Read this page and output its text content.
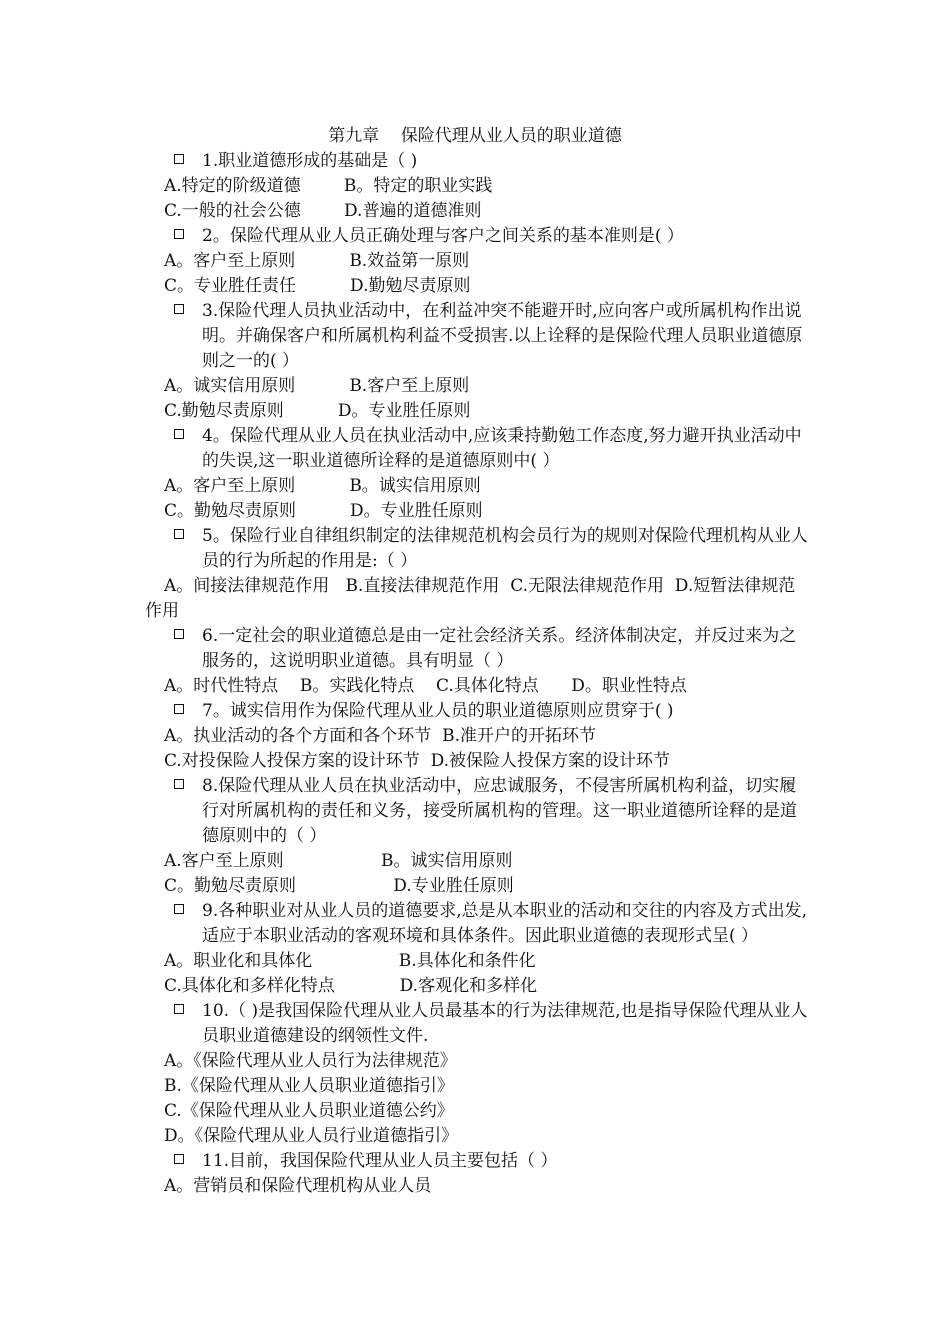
第九章    保险代理从业人员的职业道德
1.职业道德形成的基础是（ )
A.特定的阶级道德        B。特定的职业实践
C.一般的社会公德        D.普遍的道德准则
2。保险代理从业人员正确处理与客户之间关系的基本准则是( ）
A。客户至上原则          B.效益第一原则
C。专业胜任责任          D.勤勉尽责原则
3.保险代理人员执业活动中，在利益冲突不能避开时,应向客户或所属机构作出说明。并确保客户和所属机构利益不受损害.以上诠释的是保险代理人员职业道德原则之一的( ）
A。诚实信用原则          B.客户至上原则
C.勤勉尽责原则          D。专业胜任原则
4。保险代理从业人员在执业活动中,应该秉持勤勉工作态度,努力避开执业活动中的失误,这一职业道德所诠释的是道德原则中( ）
A。客户至上原则          B。诚实信用原则
C。勤勉尽责原则          D。专业胜任原则
5。保险行业自律组织制定的法律规范机构会员行为的规则对保险代理机构从业人员的行为所起的作用是:（ ）
A。间接法律规范作用   B.直接法律规范作用  C.无限法律规范作用  D.短暂法律规范作用
6.一定社会的职业道德总是由一定社会经济关系。经济体制决定，并反过来为之服务的，这说明职业道德。具有明显（ ）
A。时代性特点    B。实践化特点    C.具体化特点      D。职业性特点
7。诚实信用作为保险代理从业人员的职业道德原则应贯穿于( )
A。执业活动的各个方面和各个环节  B.准开户的开拓环节
C.对投保险人投保方案的设计环节  D.被保险人投保方案的设计环节
8.保险代理从业人员在执业活动中，应忠诚服务，不侵害所属机构利益，切实履行对所属机构的责任和义务，接受所属机构的管理。这一职业道德所诠释的是道德原则中的（ ）
A.客户至上原则                  B。诚实信用原则
C。勤勉尽责原则                  D.专业胜任原则
9.各种职业对从业人员的道德要求,总是从本职业的活动和交往的内容及方式出发,适应于本职业活动的客观环境和具体条件。因此职业道德的表现形式呈( ）
A。职业化和具体化                B.具体化和条件化
C.具体化和多样化特点            D.客观化和多样化
10.（ )是我国保险代理从业人员最基本的行为法律规范,也是指导保险代理从业人员职业道德建设的纲领性文件.
A。《保险代理从业人员行为法律规范》
B.《保险代理从业人员职业道德指引》
C.《保险代理从业人员职业道德公约》
D。《保险代理从业人员行业道德指引》
11.目前，我国保险代理从业人员主要包括（ ）
A。营销员和保险代理机构从业人员
